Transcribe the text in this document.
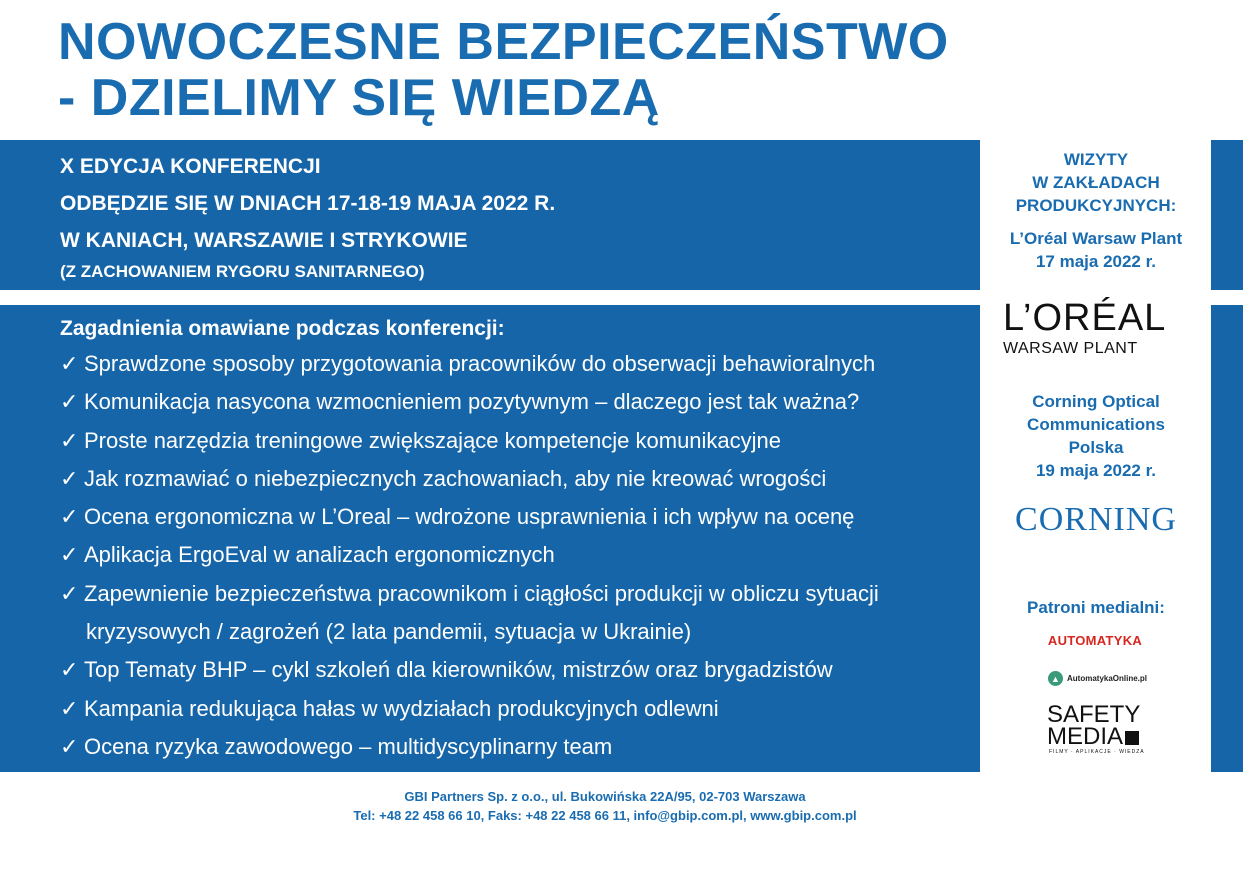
NOWOCZESNE BEZPIECZEŃSTWO
- DZIELIMY SIĘ WIEDZĄ
X EDYCJA KONFERENCJI
ODBĘDZIE SIĘ W DNIACH 17-18-19 MAJA 2022 R.
W KANIACH, WARSZAWIE I STRYKOWIE
(Z ZACHOWANIEM RYGORU SANITARNEGO)
Zagadnienia omawiane podczas konferencji:
✓ Sprawdzone sposoby przygotowania pracowników do obserwacji behawioralnych
✓ Komunikacja nasycona wzmocnieniem pozytywnym – dlaczego jest tak ważna?
✓ Proste narzędzia treningowe zwiększające kompetencje komunikacyjne
✓ Jak rozmawiać o niebezpiecznych zachowaniach, aby nie kreować wrogości
✓ Ocena ergonomiczna w L’Oreal – wdrożone usprawnienia i ich wpływ na ocenę
✓ Aplikacja ErgoEval w analizach ergonomicznych
✓ Zapewnienie bezpieczeństwa pracownikom i ciągłości produkcji w obliczu sytuacji
kryzysowych / zagrożeń (2 lata pandemii, sytuacja w Ukrainie)
✓ Top Tematy BHP – cykl szkoleń dla kierowników, mistrzów oraz brygadzistów
✓ Kampania redukująca hałas w wydziałach produkcyjnych odlewni
✓ Ocena ryzyka zawodowego – multidyscyplinarny team
WIZYTY
W ZAKŁADACH
PRODUKCYJNYCH:
L’Oréal Warsaw Plant
17 maja 2022 r.
L’ORÉAL
WARSAW PLANT
Corning Optical
Communications
Polska
19 maja 2022 r.
CORNING
Patroni medialni:
AUTOMATYKA

▲ AutomatykaOnline.pl
SAFETY
MEDIA
FILMY · APLIKACJE · WIEDZA
GBI Partners Sp. z o.o., ul. Bukowińska 22A/95, 02-703 Warszawa
Tel: +48 22 458 66 10, Faks: +48 22 458 66 11, info@gbip.com.pl, www.gbip.com.pl
